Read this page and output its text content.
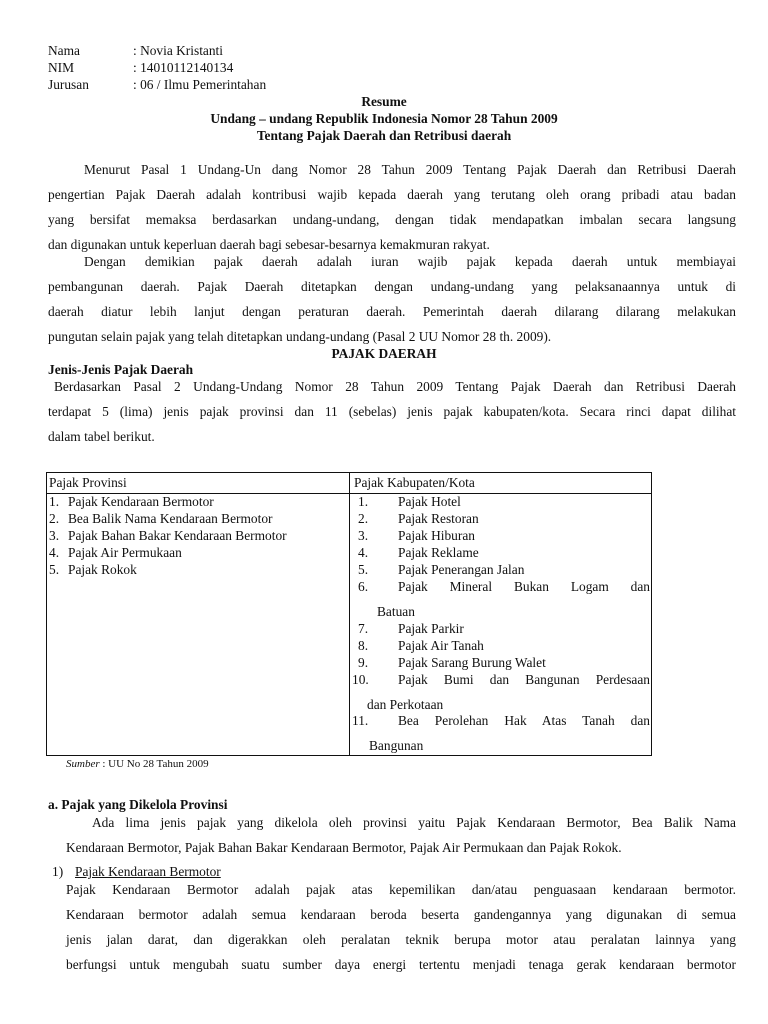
Nama	: Novia Kristanti
NIM	: 14010112140134
Jurusan	: 06 / Ilmu Pemerintahan
Resume
Undang – undang Republik Indonesia Nomor 28 Tahun 2009
Tentang Pajak Daerah dan Retribusi daerah
Menurut Pasal 1 Undang-Un dang Nomor 28 Tahun 2009 Tentang Pajak Daerah dan Retribusi Daerah
pengertian Pajak Daerah adalah kontribusi wajib kepada daerah yang terutang oleh orang pribadi atau badan
yang bersifat memaksa berdasarkan undang-undang, dengan tidak mendapatkan imbalan secara langsung
dan digunakan untuk keperluan daerah bagi sebesar-besarnya kemakmuran rakyat.
Dengan demikian pajak daerah adalah iuran wajib pajak kepada daerah untuk membiayai
pembangunan daerah. Pajak Daerah ditetapkan dengan undang-undang yang pelaksanaannya untuk di
daerah diatur lebih lanjut dengan peraturan daerah. Pemerintah daerah dilarang dilarang melakukan
pungutan selain pajak yang telah ditetapkan undang-undang (Pasal 2 UU Nomor 28 th. 2009).
PAJAK DAERAH
Jenis-Jenis Pajak Daerah
Berdasarkan Pasal 2 Undang-Undang Nomor 28 Tahun 2009 Tentang Pajak Daerah dan Retribusi Daerah
terdapat 5 (lima) jenis pajak provinsi dan 11 (sebelas) jenis pajak kabupaten/kota. Secara rinci dapat dilihat
dalam tabel berikut.
Pajak Provinsi	Pajak Kabupaten/Kota
1. Pajak Kendaraan Bermotor
2. Bea Balik Nama Kendaraan Bermotor
3. Pajak Bahan Bakar Kendaraan Bermotor
4. Pajak Air Permukaan
5. Pajak Rokok
1. Pajak Hotel
2. Pajak Restoran
3. Pajak Hiburan
4. Pajak Reklame
5. Pajak Penerangan Jalan
6. Pajak Mineral Bukan Logam dan
Batuan
7. Pajak Parkir
8. Pajak Air Tanah
9. Pajak Sarang Burung Walet
10. Pajak Bumi dan Bangunan Perdesaan
dan Perkotaan
11. Bea Perolehan Hak Atas Tanah dan
Bangunan
Sumber : UU No 28 Tahun 2009
a. Pajak yang Dikelola Provinsi
Ada lima jenis pajak yang dikelola oleh provinsi yaitu Pajak Kendaraan Bermotor, Bea Balik Nama
Kendaraan Bermotor, Pajak Bahan Bakar Kendaraan Bermotor, Pajak Air Permukaan dan Pajak Rokok.
1) Pajak Kendaraan Bermotor
Pajak Kendaraan Bermotor adalah pajak atas kepemilikan dan/atau penguasaan kendaraan bermotor.
Kendaraan bermotor adalah semua kendaraan beroda beserta gandengannya yang digunakan di semua
jenis jalan darat, dan digerakkan oleh peralatan teknik berupa motor atau peralatan lainnya yang
berfungsi untuk mengubah suatu sumber daya energi tertentu menjadi tenaga gerak kendaraan bermotor
